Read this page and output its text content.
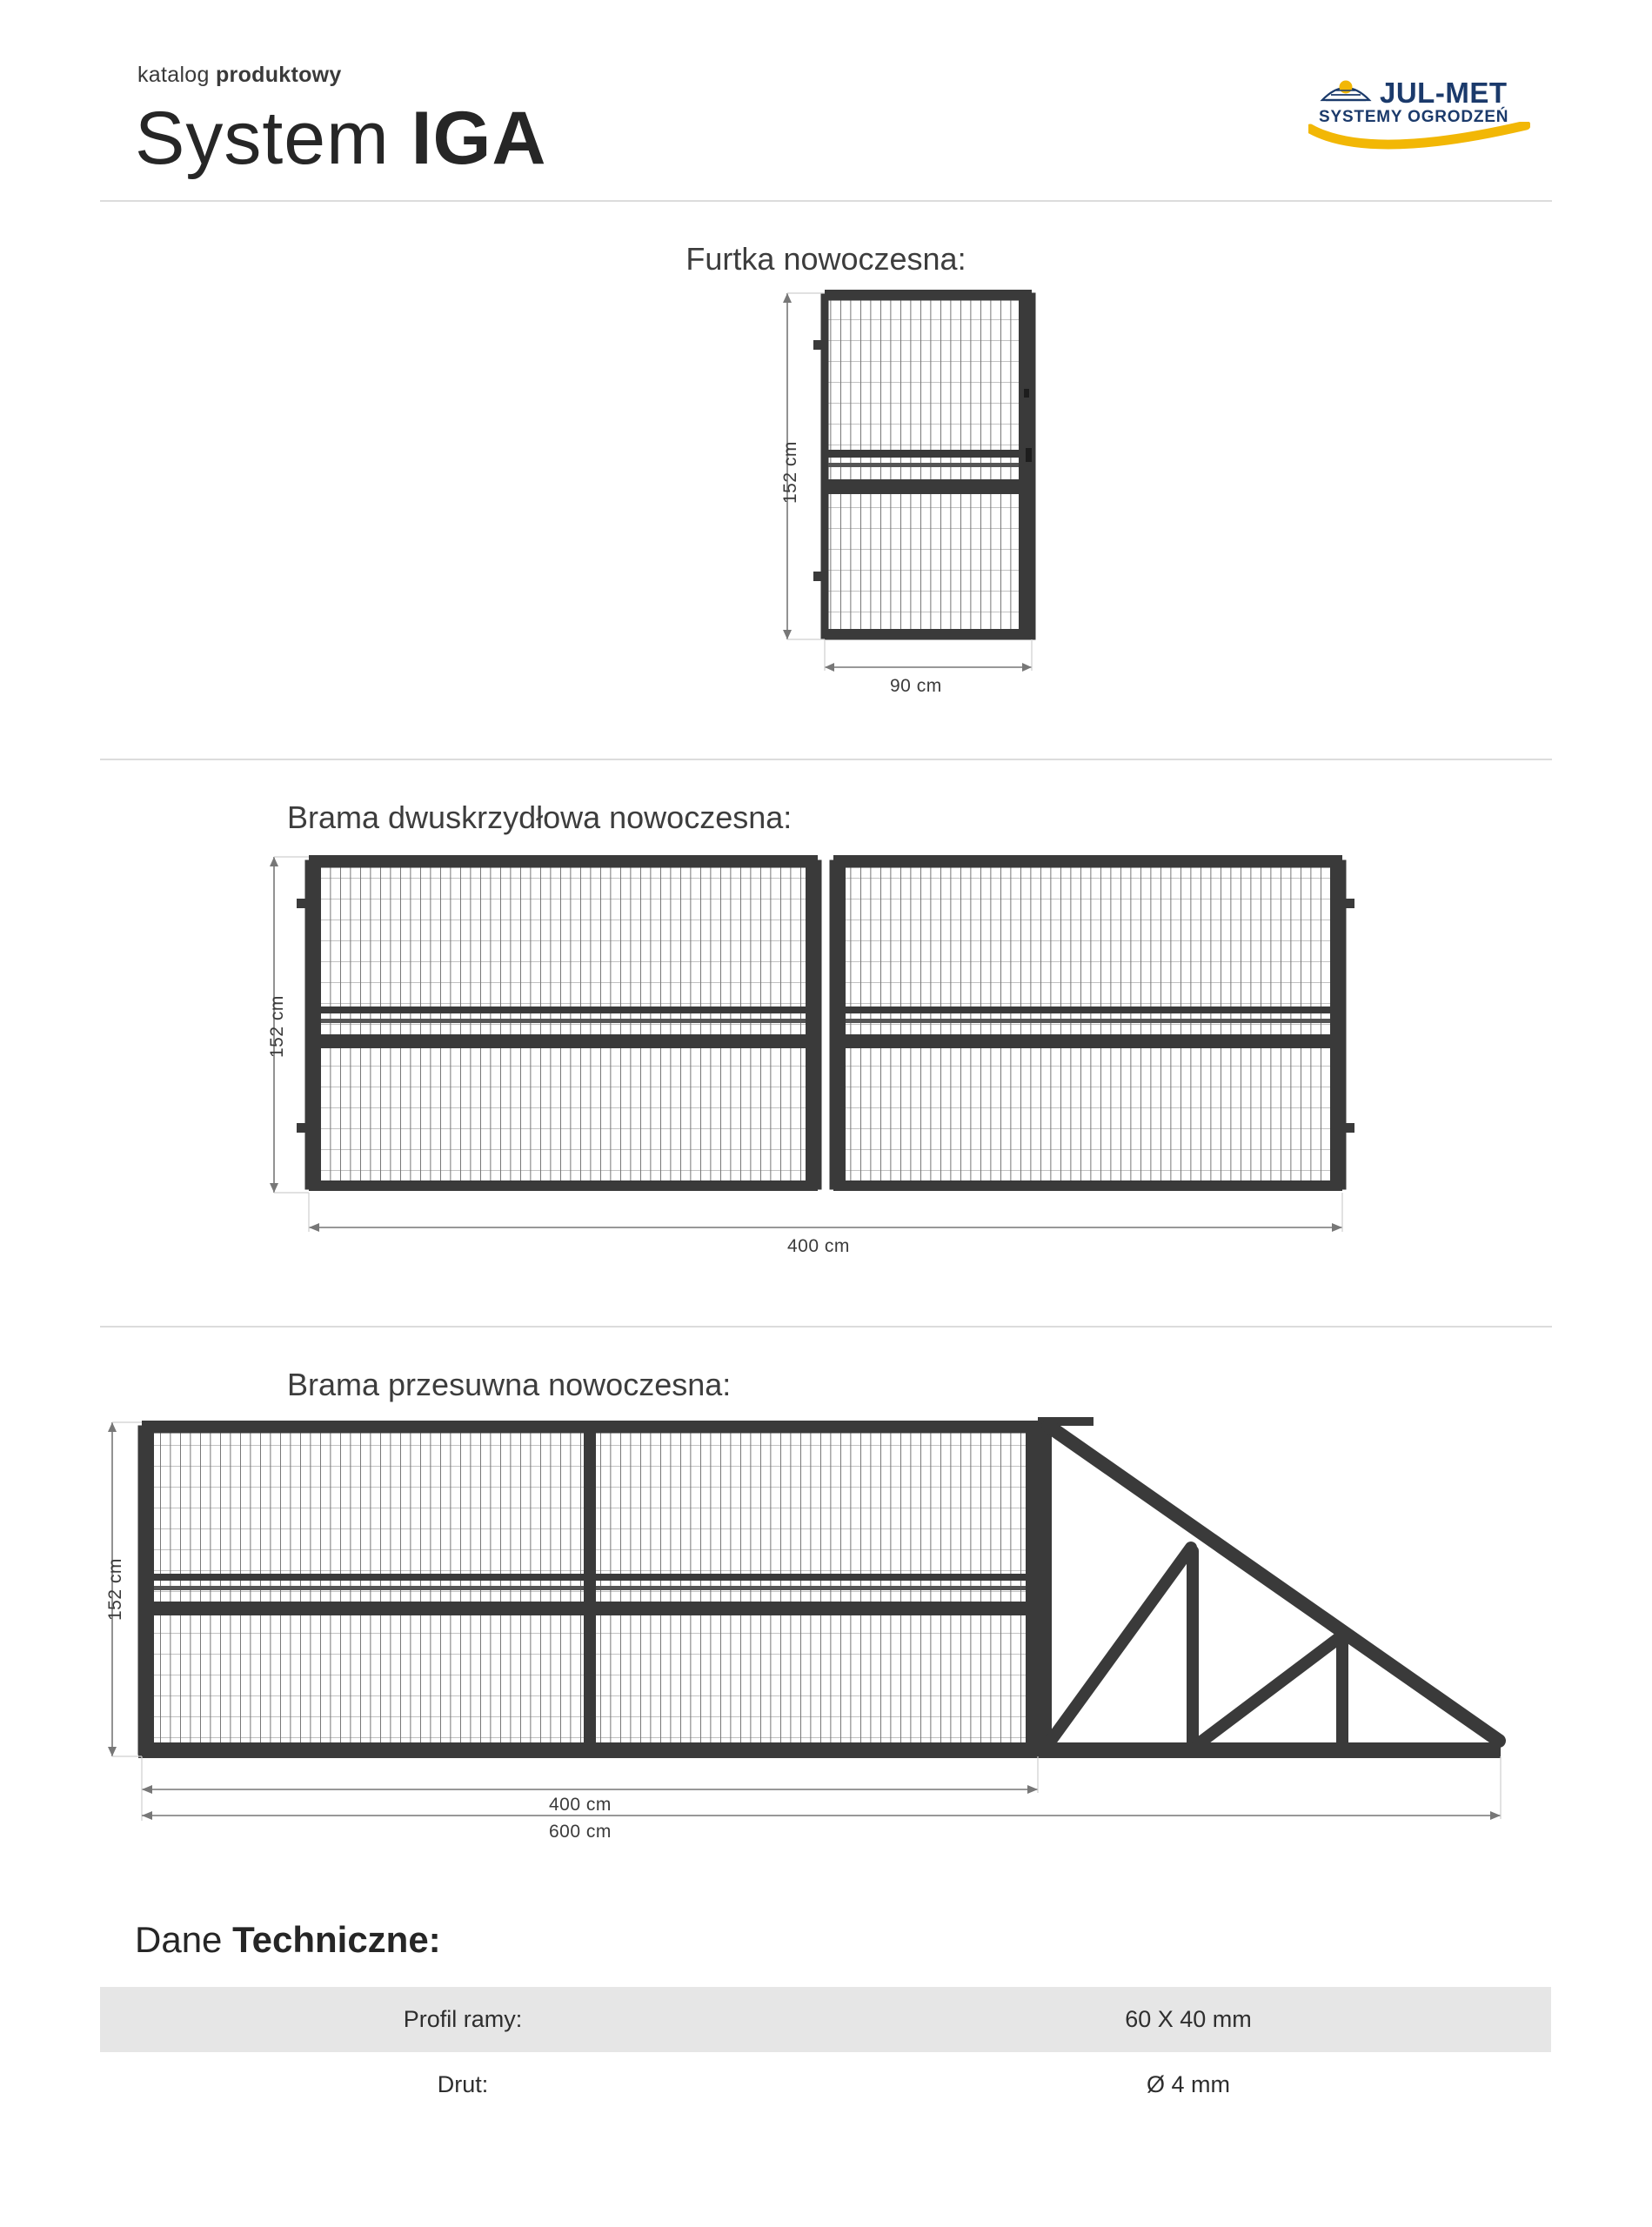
katalog produktowy
System IGA
JUL-MET
SYSTEMY OGRODZEŃ
Furtka nowoczesna:
152 cm
90 cm
Brama dwuskrzydłowa nowoczesna:
152 cm
400 cm
Brama przesuwna nowoczesna:
152 cm
400 cm
600 cm
Dane Techniczne:
Profil ramy:	60 X 40 mm
Drut:	Ø 4 mm
